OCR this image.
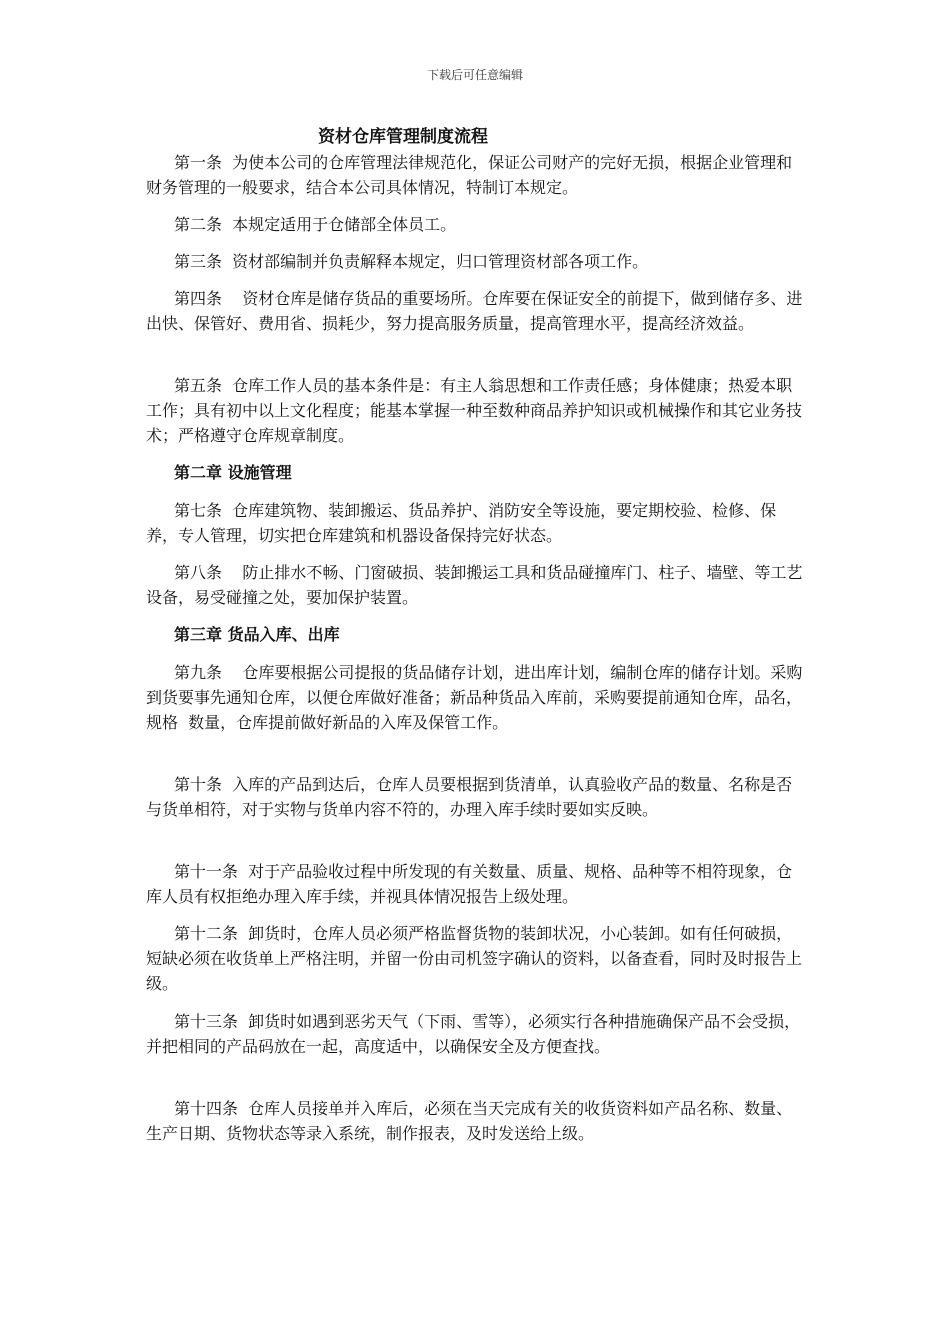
下载后可任意编辑
资材仓库管理制度流程

第一条  为使本公司的仓库管理法律规范化，保证公司财产的完好无损，根据企业管理和财务管理的一般要求，结合本公司具体情况，特制订本规定。

第二条  本规定适用于仓储部全体员工。

第三条  资材部编制并负责解释本规定，归口管理资材部各项工作。

第四条    资材仓库是储存货品的重要场所。仓库要在保证安全的前提下，做到储存多、进出快、保管好、费用省、损耗少，努力提高服务质量，提高管理水平，提高经济效益。

第五条  仓库工作人员的基本条件是：有主人翁思想和工作责任感；身体健康；热爱本职工作；具有初中以上文化程度；能基本掌握一种至数种商品养护知识或机械操作和其它业务技术；严格遵守仓库规章制度。

第二章 设施管理

第七条  仓库建筑物、装卸搬运、货品养护、消防安全等设施，要定期校验、检修、保养，专人管理，切实把仓库建筑和机器设备保持完好状态。

第八条    防止排水不畅、门窗破损、装卸搬运工具和货品碰撞库门、柱子、墙壁、等工艺设备，易受碰撞之处，要加保护装置。

第三章 货品入库、出库

第九条    仓库要根据公司提报的货品储存计划，进出库计划，编制仓库的储存计划。采购到货要事先通知仓库，以便仓库做好准备；新品种货品入库前，采购要提前通知仓库，品名，规格  数量，仓库提前做好新品的入库及保管工作。

第十条  入库的产品到达后，仓库人员要根据到货清单，认真验收产品的数量、名称是否与货单相符，对于实物与货单内容不符的，办理入库手续时要如实反映。

第十一条  对于产品验收过程中所发现的有关数量、质量、规格、品种等不相符现象，仓库人员有权拒绝办理入库手续，并视具体情况报告上级处理。

第十二条  卸货时，仓库人员必须严格监督货物的装卸状况，小心装卸。如有任何破损，短缺必须在收货单上严格注明，并留一份由司机签字确认的资料，以备查看，同时及时报告上级。

第十三条  卸货时如遇到恶劣天气（下雨、雪等），必须实行各种措施确保产品不会受损，并把相同的产品码放在一起，高度适中，以确保安全及方便查找。

第十四条  仓库人员接单并入库后，必须在当天完成有关的收货资料如产品名称、数量、生产日期、货物状态等录入系统，制作报表，及时发送给上级。
